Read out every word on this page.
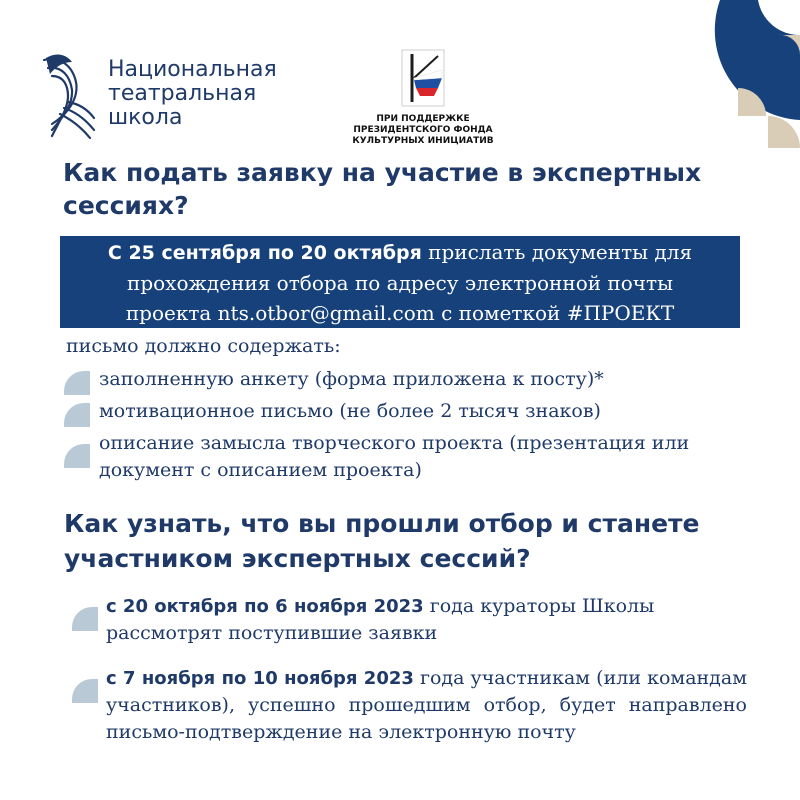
Национальная
театральная
школа	ПРИ ПОДДЕРЖКЕ
ПРЕЗИДЕНТСКОГО ФОНДА
КУЛЬТУРНЫХ ИНИЦИАТИВ
Как подать заявку на участие в экспертных
сессиях?
С 25 сентября по 20 октября прислать документы для
прохождения отбора по адресу электронной почты
проекта nts.otbor@gmail.com с пометкой #ПРОЕКТ
письмо должно содержать:
заполненную анкету (форма приложена к посту)*
мотивационное письмо (не более 2 тысяч знаков)
описание замысла творческого проекта (презентация или документ с описанием проекта)
Как узнать, что вы прошли отбор и станете
участником экспертных сессий?
с 20 октября по 6 ноября 2023 года кураторы Школы рассмотрят поступившие заявки
с 7 ноября по 10 ноября 2023 года участникам (или командам участников), успешно прошедшим отбор, будет направлено письмо-подтверждение на электронную почту
